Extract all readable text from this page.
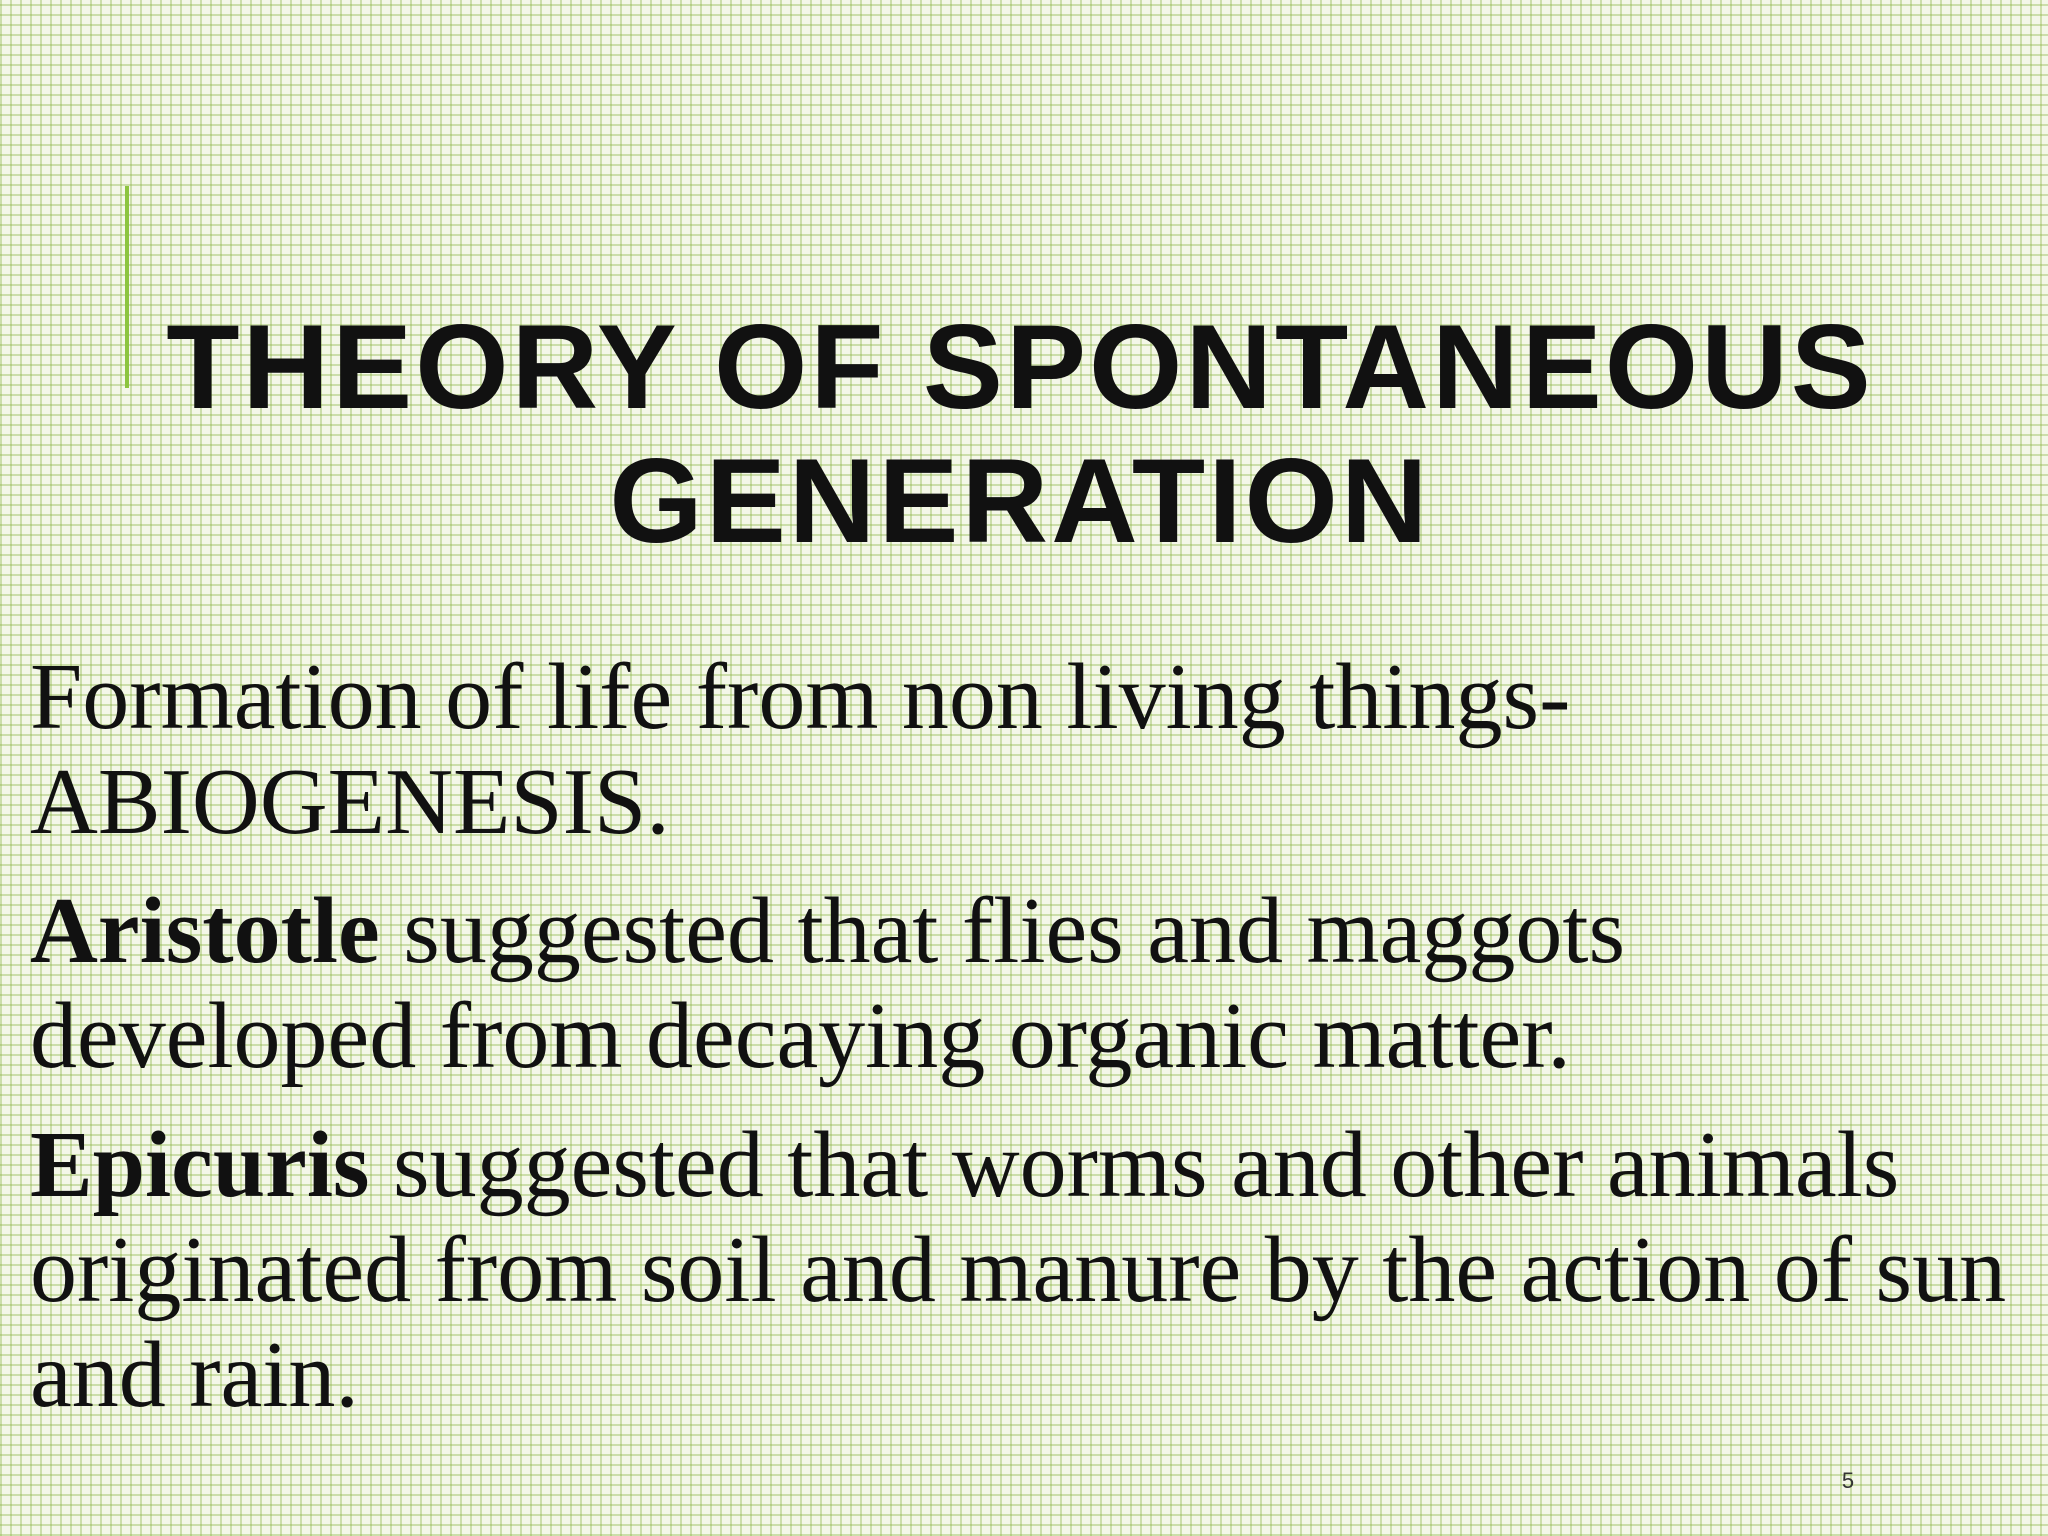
THEORY OF SPONTANEOUS GENERATION

Formation of life from non living things- ABIOGENESIS.

Aristotle suggested that flies and maggots developed from decaying organic matter.

Epicuris suggested that worms and other animals originated from soil and manure by the action of sun and rain.

5
